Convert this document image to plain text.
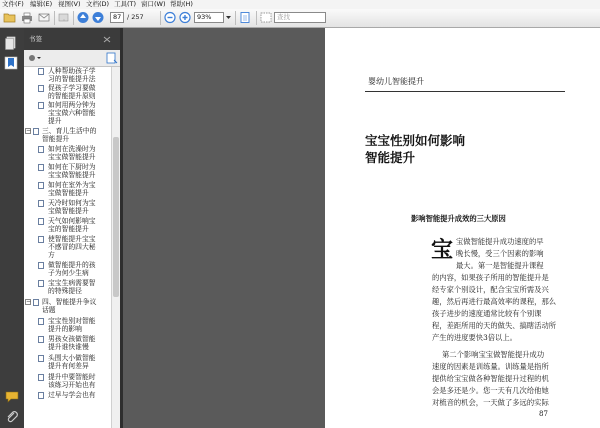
文件(F) 编辑(E) 视图(V) 文档(D) 工具(T) 窗口(W) 帮助(H)
87 / 257	93%	查找
书签
人种帮助孩子学
习的智能提升法
促孩子学习要做
的智能提升原则
如何用两分钟为
宝宝做六种智能
提升
− 三、育儿生活中的
智能提升
如何在洗澡时为
宝宝做智能提升
如何在下厨时为
宝宝做智能提升
如何在室外为宝
宝做智能提升
天冷时如何为宝
宝做智能提升
天气如何影响宝
宝的智能提升
使智能提升宝宝
不感冒的四大秘
方
做智能提升的孩
子为何少生病
宝宝生病需要智
的特殊提径
− 四、智能提升争议
话题
宝宝性别对智能
提升的影响
男孩女孩做智能
提升谁快谁慢
头围大小做智能
提升有何差异
提升中要智能时
该练习开始也有
过早与学会也有
婴幼儿智能提升
宝宝性别如何影响
智能提升
影响智能提升成效的三大原因
宝 宝做智能提升成功速度的早
晚长慢，受三个因素的影响
最大。第一是智能提升课程
的内容，如果孩子所用的智能提升是
经专家个别设计，配合宝宝所需及兴
趣，然后再进行最高效率的课程，那么
孩子进步的速度通常比较有个别课
程，差距所用的天的做失、搞瞎活动所
产生的进度要快3倍以上。
第二个影响宝宝做智能提升成功
速度的因素是训练量。训练量是指所
提供给宝宝做各种智能提升过程的机
会是多还是少。您一天有几次给他她
对梳音的机会，一天做了多远的实际
87
